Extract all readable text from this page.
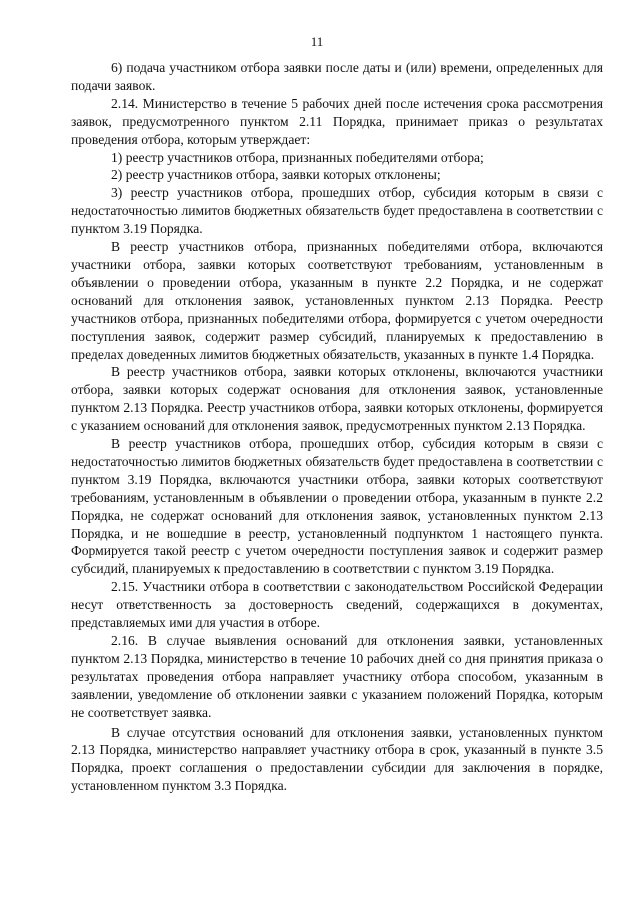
11

6) подача участником отбора заявки после даты и (или) времени, определенных для подачи заявок.

2.14. Министерство в течение 5 рабочих дней после истечения срока рассмотрения заявок, предусмотренного пунктом 2.11 Порядка, принимает приказ о результатах проведения отбора, которым утверждает:

1) реестр участников отбора, признанных победителями отбора;

2) реестр участников отбора, заявки которых отклонены;

3) реестр участников отбора, прошедших отбор, субсидия которым в связи с недостаточностью лимитов бюджетных обязательств будет предоставлена в соответствии с пунктом 3.19 Порядка.

В реестр участников отбора, признанных победителями отбора, включаются участники отбора, заявки которых соответствуют требованиям, установленным в объявлении о проведении отбора, указанным в пункте 2.2 Порядка, и не содержат оснований для отклонения заявок, установленных пунктом 2.13 Порядка. Реестр участников отбора, признанных победителями отбора, формируется с учетом очередности поступления заявок, содержит размер субсидий, планируемых к предоставлению в пределах доведенных лимитов бюджетных обязательств, указанных в пункте 1.4 Порядка.

В реестр участников отбора, заявки которых отклонены, включаются участники отбора, заявки которых содержат основания для отклонения заявок, установленные пунктом 2.13 Порядка. Реестр участников отбора, заявки которых отклонены, формируется с указанием оснований для отклонения заявок, предусмотренных пунктом 2.13 Порядка.

В реестр участников отбора, прошедших отбор, субсидия которым в связи с недостаточностью лимитов бюджетных обязательств будет предоставлена в соответствии с пунктом 3.19 Порядка, включаются участники отбора, заявки которых соответствуют требованиям, установленным в объявлении о проведении отбора, указанным в пункте 2.2 Порядка, не содержат оснований для отклонения заявок, установленных пунктом 2.13 Порядка, и не вошедшие в реестр, установленный подпунктом 1 настоящего пункта. Формируется такой реестр с учетом очередности поступления заявок и содержит размер субсидий, планируемых к предоставлению в соответствии с пунктом 3.19 Порядка.

2.15. Участники отбора в соответствии с законодательством Российской Федерации несут ответственность за достоверность сведений, содержащихся в документах, представляемых ими для участия в отборе.

2.16. В случае выявления оснований для отклонения заявки, установленных пунктом 2.13 Порядка, министерство в течение 10 рабочих дней со дня принятия приказа о результатах проведения отбора направляет участнику отбора способом, указанным в заявлении, уведомление об отклонении заявки с указанием положений Порядка, которым не соответствует заявка.

В случае отсутствия оснований для отклонения заявки, установленных пунктом 2.13 Порядка, министерство направляет участнику отбора в срок, указанный в пункте 3.5 Порядка, проект соглашения о предоставлении субсидии для заключения в порядке, установленном пунктом 3.3 Порядка.
